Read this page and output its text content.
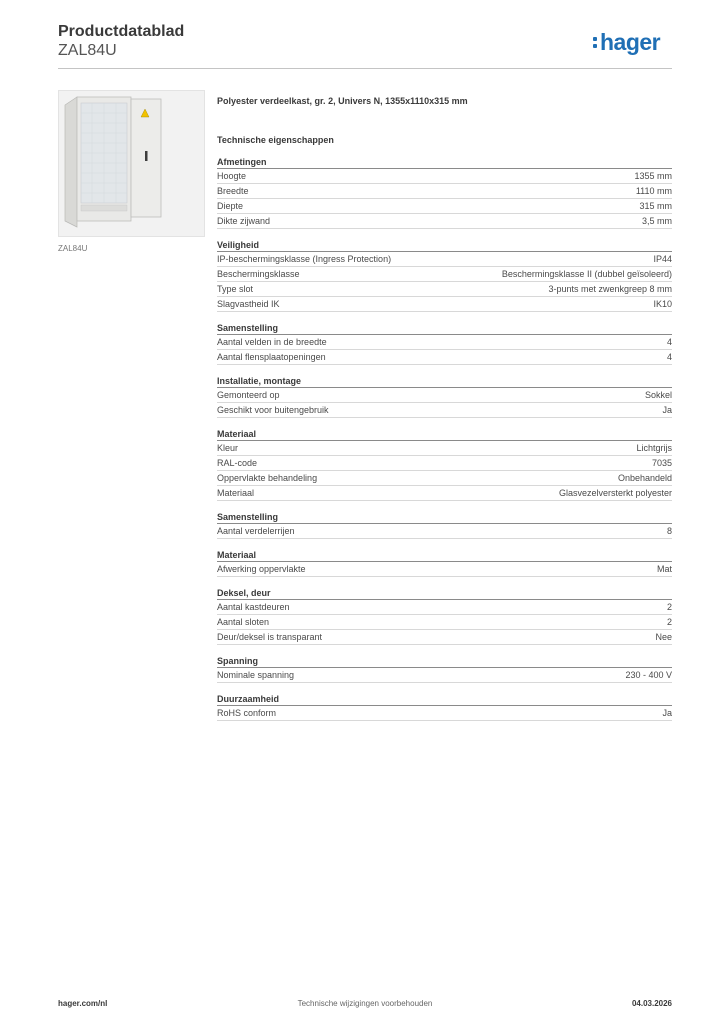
Productdatablad
ZAL84U	hager
ZAL84U
Polyester verdeelkast, gr. 2, Univers N, 1355x1110x315 mm
Technische eigenschappen
Afmetingen
Hoogte	1355 mm
Breedte	1110 mm
Diepte	315 mm
Dikte zijwand	3,5 mm
Veiligheid
IP-beschermingsklasse (Ingress Protection)	IP44
Beschermingsklasse	Beschermingsklasse II (dubbel geïsoleerd)
Type slot	3-punts met zwenkgreep 8 mm
Slagvastheid IK	IK10
Samenstelling
Aantal velden in de breedte	4
Aantal flensplaatopeningen	4
Installatie, montage
Gemonteerd op	Sokkel
Geschikt voor buitengebruik	Ja
Materiaal
Kleur	Lichtgrijs
RAL-code	7035
Oppervlakte behandeling	Onbehandeld
Materiaal	Glasvezelversterkt polyester
Samenstelling
Aantal verdelerrijen	8
Materiaal
Afwerking oppervlakte	Mat
Deksel, deur
Aantal kastdeuren	2
Aantal sloten	2
Deur/deksel is transparant	Nee
Spanning
Nominale spanning	230 - 400 V
Duurzaamheid
RoHS conform	Ja
hager.com/nl	Technische wijzigingen voorbehouden	04.03.2026
